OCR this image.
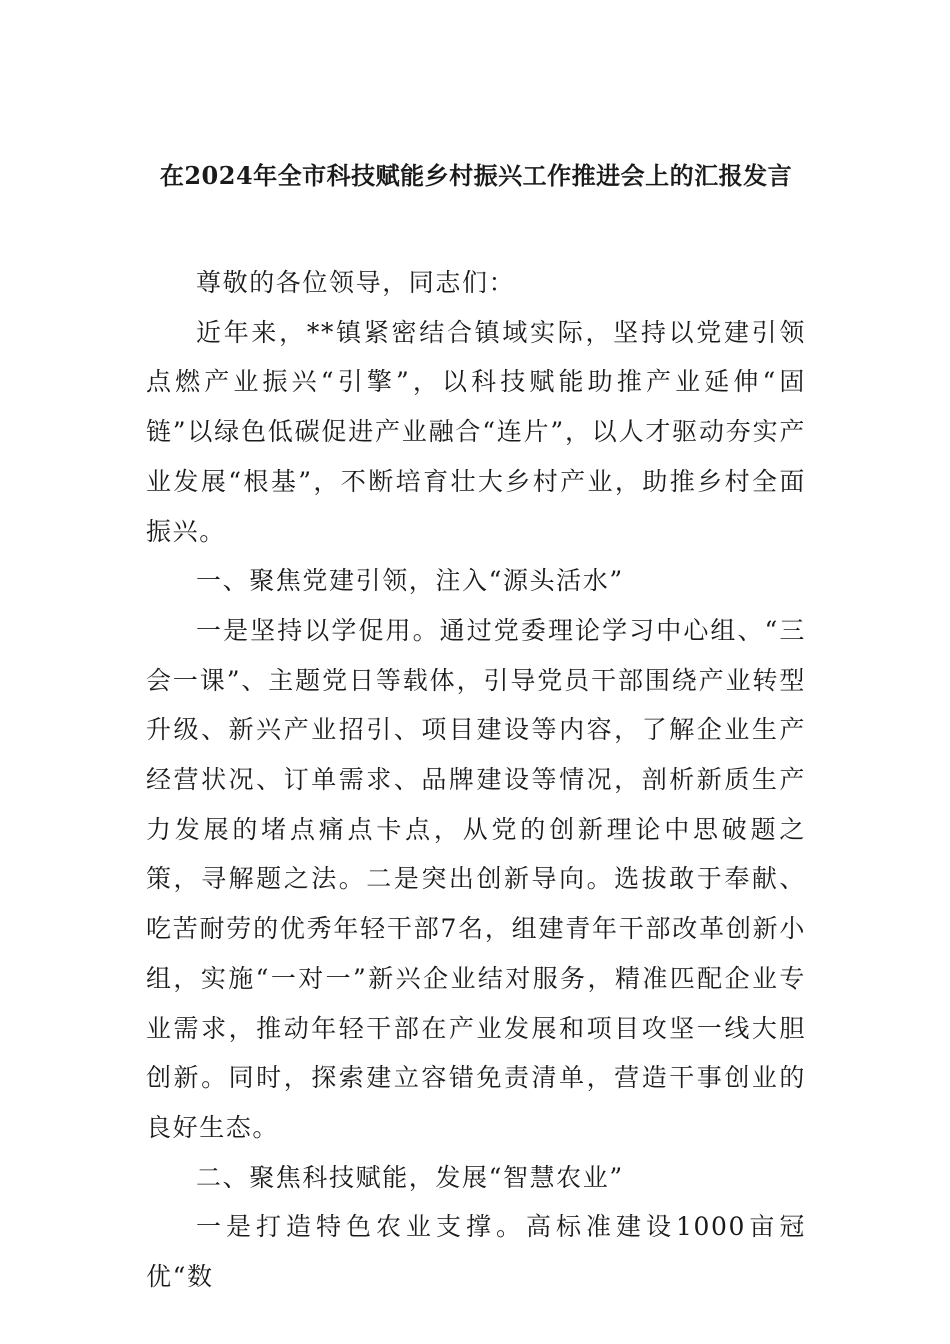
在2024年全市科技赋能乡村振兴工作推进会上的汇报发言

尊敬的各位领导，同志们：

近年来，**镇紧密结合镇域实际，坚持以党建引领点燃产业振兴“引擎”，以科技赋能助推产业延伸“固链”以绿色低碳促进产业融合“连片”，以人才驱动夯实产业发展“根基”，不断培育壮大乡村产业，助推乡村全面振兴。

一、聚焦党建引领，注入“源头活水”

一是坚持以学促用。通过党委理论学习中心组、“三会一课”、主题党日等载体，引导党员干部围绕产业转型升级、新兴产业招引、项目建设等内容，了解企业生产经营状况、订单需求、品牌建设等情况，剖析新质生产力发展的堵点痛点卡点，从党的创新理论中思破题之策，寻解题之法。二是突出创新导向。选拔敢于奉献、吃苦耐劳的优秀年轻干部7名，组建青年干部改革创新小组，实施“一对一”新兴企业结对服务，精准匹配企业专业需求，推动年轻干部在产业发展和项目攻坚一线大胆创新。同时，探索建立容错免责清单，营造干事创业的良好生态。

二、聚焦科技赋能，发展“智慧农业”

一是打造特色农业支撑。高标准建设1000亩冠优“数
